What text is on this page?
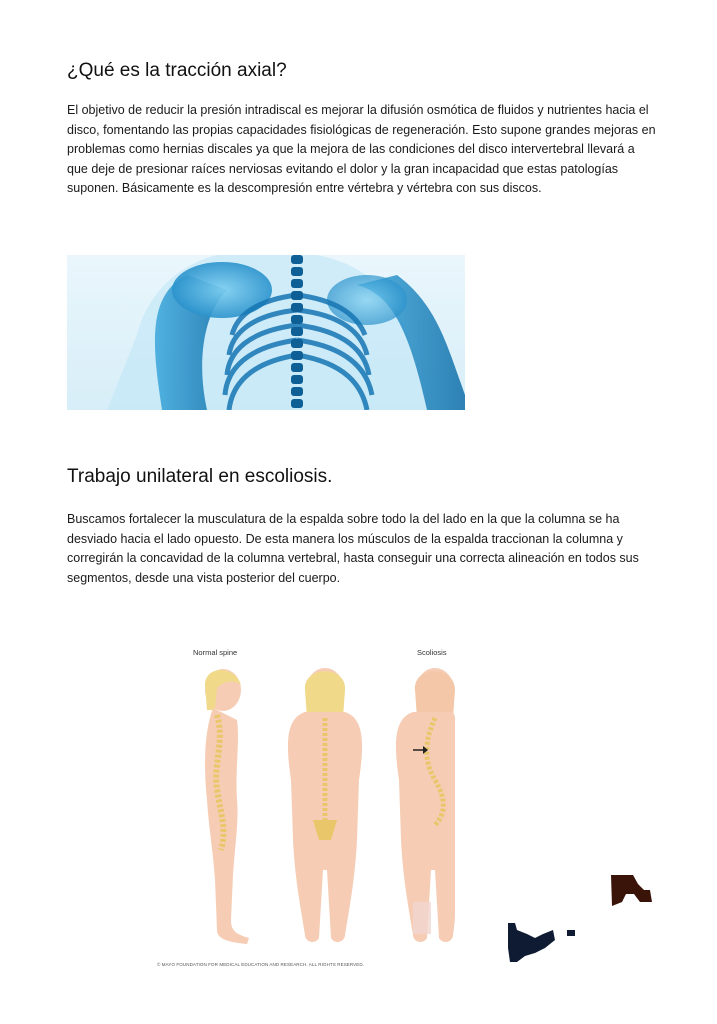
¿Qué es la tracción axial?

El objetivo de reducir la presión intradiscal es mejorar la difusión osmótica de fluidos y nutrientes hacia el disco, fomentando las propias capacidades fisiológicas de regeneración. Esto supone grandes mejoras en problemas como hernias discales ya que la mejora de las condiciones del disco intervertebral llevará a que deje de presionar raíces nerviosas evitando el dolor y la gran incapacidad que estas patologías suponen. Básicamente es la descompresión entre vértebra y vértebra con sus discos.

Trabajo unilateral en escoliosis.

Buscamos fortalecer la musculatura de la espalda sobre todo la del lado en la que la columna se ha desviado hacia el lado opuesto. De esta manera los músculos de la espalda traccionan la columna y corregirán la concavidad de la columna vertebral, hasta conseguir una correcta alineación en todos sus segmentos, desde una vista posterior del cuerpo.

Normal spine	Scoliosis
© MAYO FOUNDATION FOR MEDICAL EDUCATION AND RESEARCH. ALL RIGHTS RESERVED.
